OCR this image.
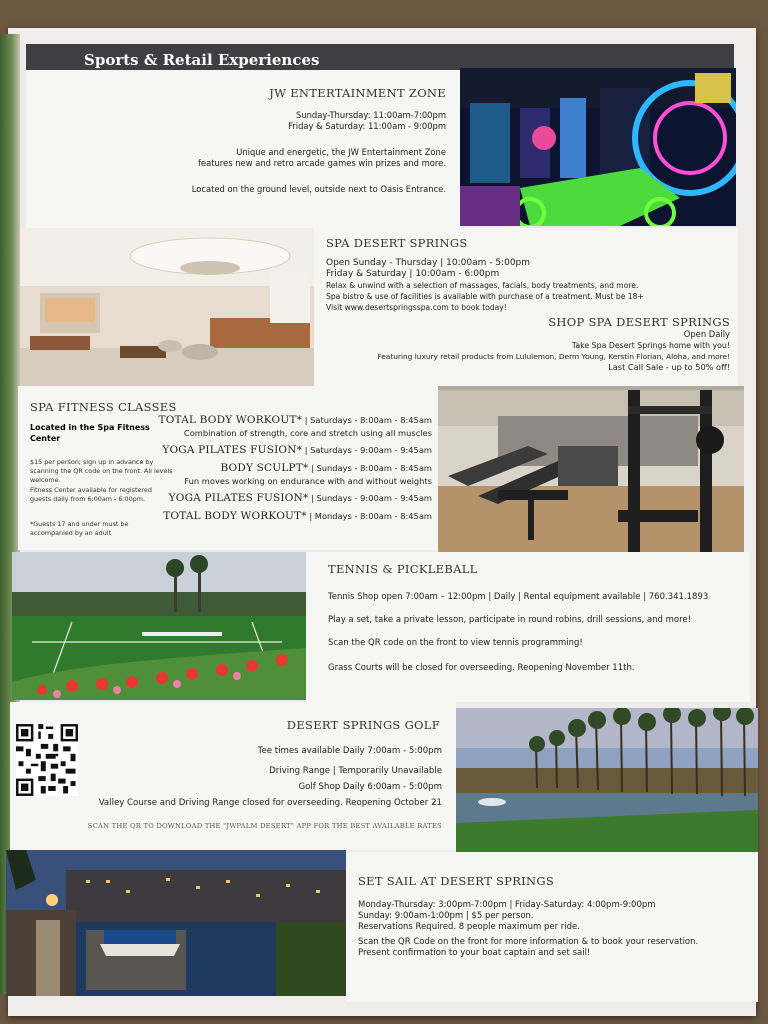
Sports & Retail Experiences
JW ENTERTAINMENT ZONE
Sunday-Thursday: 11:00am-7:00pm
Friday & Saturday: 11:00am - 9:00pm
Unique and energetic, the JW Entertainment Zone
features new and retro arcade games win prizes and more.
Located on the ground level, outside next to Oasis Entrance.
SPA DESERT SPRINGS
Open Sunday - Thursday | 10:00am - 5:00pm
Friday & Saturday | 10:00am - 6:00pm
Relax & unwind with a selection of massages, facials, body treatments, and more.
Spa bistro & use of facilities is available with purchase of a treatment. Must be 18+
Visit www.desertspringsspa.com to book today!
SHOP SPA DESERT SPRINGS
Open Daily
Take Spa Desert Springs home with you!
Featuring luxury retail products from Lululemon, Derm Young, Kerstin Florian, Aloha, and more!
Last Call Sale - up to 50% off!
SPA FITNESS CLASSES
Located in the Spa Fitness Center
$15 per person; sign up in advance by scanning the QR code on the front. All levels welcome.
Fitness Center available for registered guests daily from 6:00am - 6:00pm.
*Guests 17 and under must be accompanied by an adult
TOTAL BODY WORKOUT* | Saturdays - 8:00am - 8:45am
Combination of strength, core and stretch using all muscles
YOGA PILATES FUSION* | Saturdays - 9:00am - 9:45am
BODY SCULPT* | Sundays - 8:00am - 8:45am
Fun moves working on endurance with and without weights
YOGA PILATES FUSION* | Sundays - 9:00am - 9:45am
TOTAL BODY WORKOUT* | Mondays - 8:00am - 8:45am
TENNIS & PICKLEBALL
Tennis Shop open 7:00am – 12:00pm | Daily | Rental equipment available | 760.341.1893
Play a set, take a private lesson, participate in round robins, drill sessions, and more!
Scan the QR code on the front to view tennis programming!
Grass Courts will be closed for overseeding. Reopening November 11th.
DESERT SPRINGS GOLF
Tee times available Daily 7:00am - 5:00pm
Driving Range | Temporarily Unavailable
Golf Shop Daily 6:00am - 5:00pm
Valley Course and Driving Range closed for overseeding. Reopening October 21
SCAN THE QR TO DOWNLOAD THE "JWPALM DESERT" APP FOR THE BEST AVAILABLE RATES
SET SAIL AT DESERT SPRINGS
Monday-Thursday: 3:00pm-7:00pm | Friday-Saturday: 4:00pm-9:00pm
Sunday: 9:00am-1:00pm | $5 per person.
Reservations Required. 8 people maximum per ride.
Scan the QR Code on the front for more information & to book your reservation.
Present confirmation to your boat captain and set sail!
